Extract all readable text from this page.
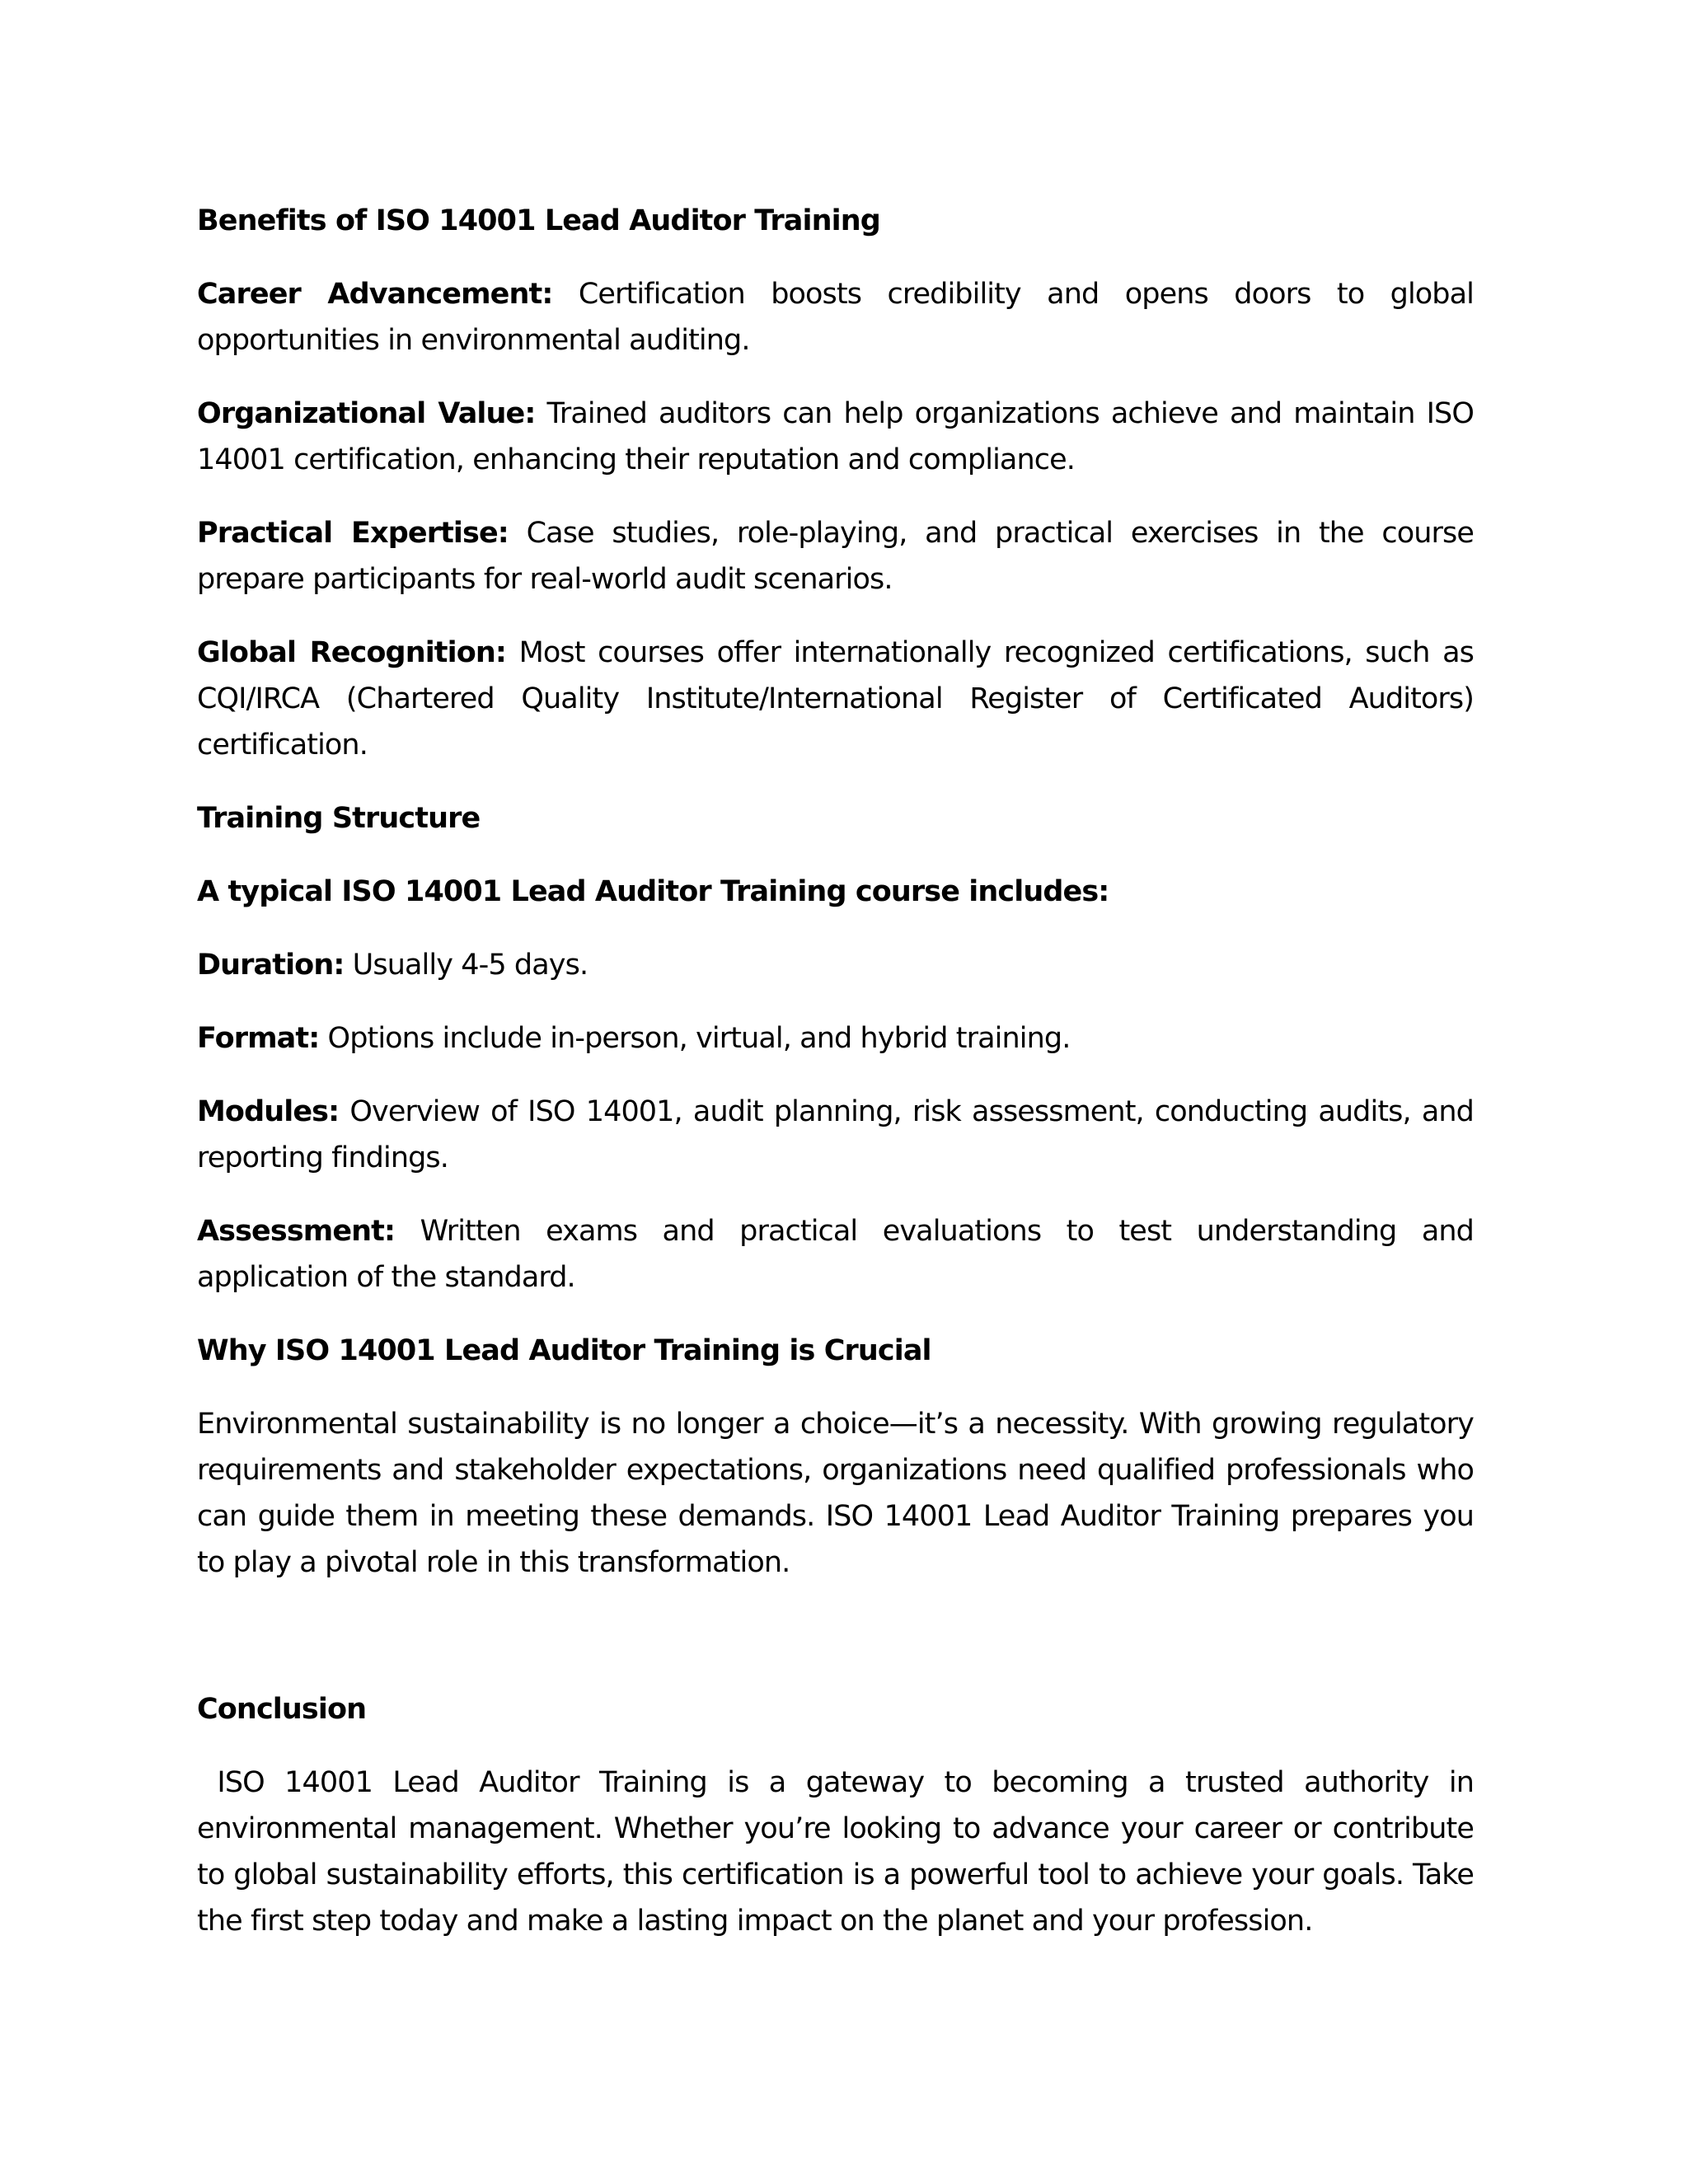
Benefits of ISO 14001 Lead Auditor Training

Career Advancement: Certification boosts credibility and opens doors to global opportunities in environmental auditing.

Organizational Value: Trained auditors can help organizations achieve and maintain ISO 14001 certification, enhancing their reputation and compliance.

Practical Expertise: Case studies, role-playing, and practical exercises in the course prepare participants for real-world audit scenarios.

Global Recognition: Most courses offer internationally recognized certifications, such as CQI/IRCA (Chartered Quality Institute/International Register of Certificated Auditors) certification.

Training Structure

A typical ISO 14001 Lead Auditor Training course includes:

Duration: Usually 4-5 days.

Format: Options include in-person, virtual, and hybrid training.

Modules: Overview of ISO 14001, audit planning, risk assessment, conducting audits, and reporting findings.

Assessment: Written exams and practical evaluations to test understanding and application of the standard.

Why ISO 14001 Lead Auditor Training is Crucial

Environmental sustainability is no longer a choice—it’s a necessity. With growing regulatory requirements and stakeholder expectations, organizations need qualified professionals who can guide them in meeting these demands. ISO 14001 Lead Auditor Training prepares you to play a pivotal role in this transformation.

Conclusion

ISO 14001 Lead Auditor Training is a gateway to becoming a trusted authority in environmental management. Whether you’re looking to advance your career or contribute to global sustainability efforts, this certification is a powerful tool to achieve your goals. Take the first step today and make a lasting impact on the planet and your profession.
